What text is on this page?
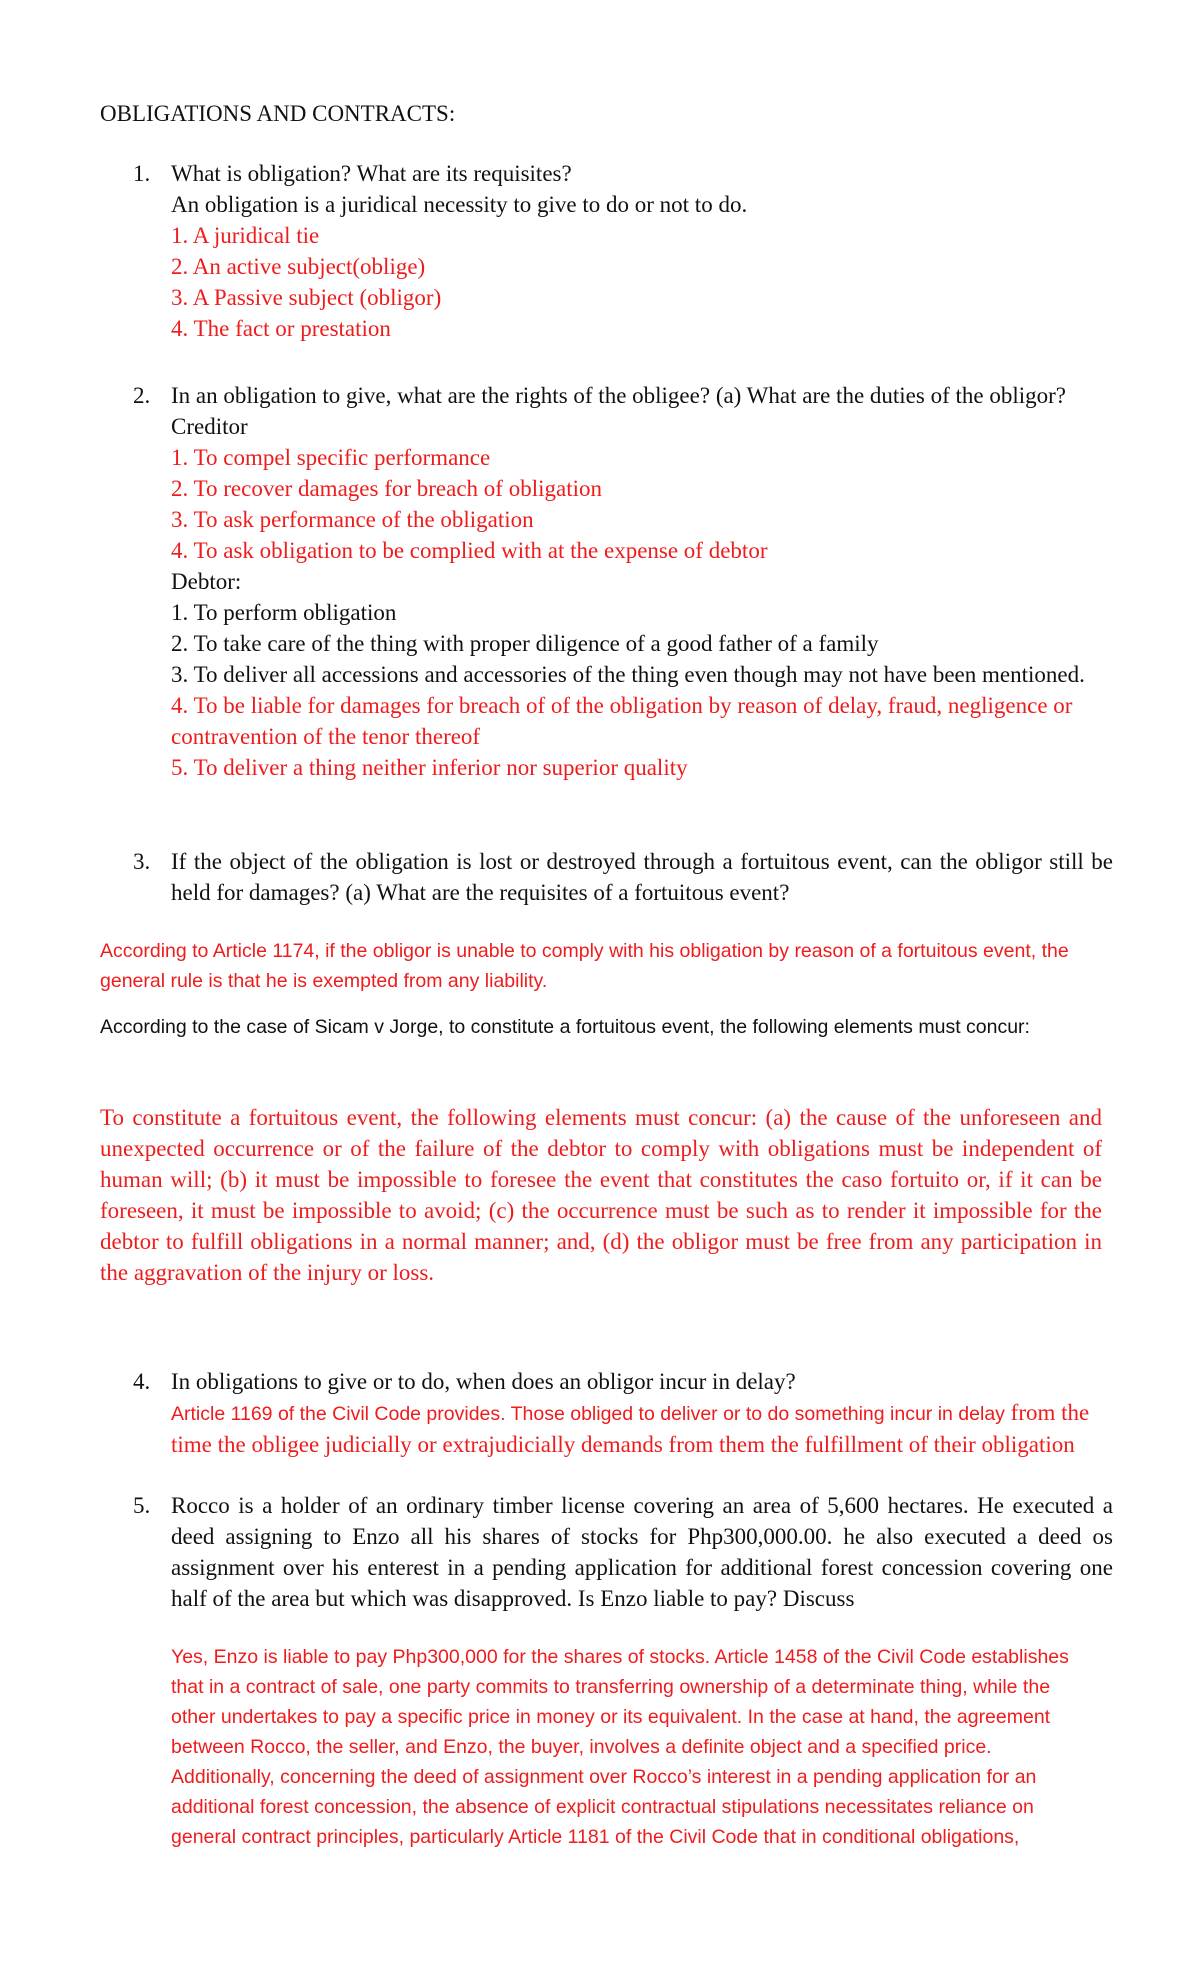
OBLIGATIONS AND CONTRACTS:

1. What is obligation? What are its requisites?

An obligation is a juridical necessity to give to do or not to do.

1. A juridical tie

2. An active subject(oblige)

3. A Passive subject (obligor)

4. The fact or prestation

2. In an obligation to give, what are the rights of the obligee? (a) What are the duties of the obligor?

Creditor

1. To compel specific performance

2. To recover damages for breach of obligation

3. To ask performance of the obligation

4. To ask obligation to be complied with at the expense of debtor

Debtor:

1. To perform obligation

2. To take care of the thing with proper diligence of a good father of a family

3. To deliver all accessions and accessories of the thing even though may not have been mentioned.

4. To be liable for damages for breach of of the obligation by reason of delay, fraud, negligence or contravention of the tenor thereof

5. To deliver a thing neither inferior nor superior quality

3. If the object of the obligation is lost or destroyed through a fortuitous event, can the obligor still be held for damages? (a) What are the requisites of a fortuitous event?

According to Article 1174, if the obligor is unable to comply with his obligation by reason of a fortuitous event, the general rule is that he is exempted from any liability.

According to the case of Sicam v Jorge, to constitute a fortuitous event, the following elements must concur:

To constitute a fortuitous event, the following elements must concur: (a) the cause of the unforeseen and unexpected occurrence or of the failure of the debtor to comply with obligations must be independent of human will; (b) it must be impossible to foresee the event that constitutes the caso fortuito or, if it can be foreseen, it must be impossible to avoid; (c) the occurrence must be such as to render it impossible for the debtor to fulfill obligations in a normal manner; and, (d) the obligor must be free from any participation in the aggravation of the injury or loss.

4. In obligations to give or to do, when does an obligor incur in delay?

Article 1169 of the Civil Code provides. Those obliged to deliver or to do something incur in delay from the time the obligee judicially or extrajudicially demands from them the fulfillment of their obligation

5. Rocco is a holder of an ordinary timber license covering an area of 5,600 hectares. He executed a deed assigning to Enzo all his shares of stocks for Php300,000.00. he also executed a deed os assignment over his enterest in a pending application for additional forest concession covering one half of the area but which was disapproved. Is Enzo liable to pay? Discuss

Yes, Enzo is liable to pay Php300,000 for the shares of stocks. Article 1458 of the Civil Code establishes that in a contract of sale, one party commits to transferring ownership of a determinate thing, while the other undertakes to pay a specific price in money or its equivalent. In the case at hand, the agreement between Rocco, the seller, and Enzo, the buyer, involves a definite object and a specified price. Additionally, concerning the deed of assignment over Rocco’s interest in a pending application for an additional forest concession, the absence of explicit contractual stipulations necessitates reliance on general contract principles, particularly Article 1181 of the Civil Code that in conditional obligations,
